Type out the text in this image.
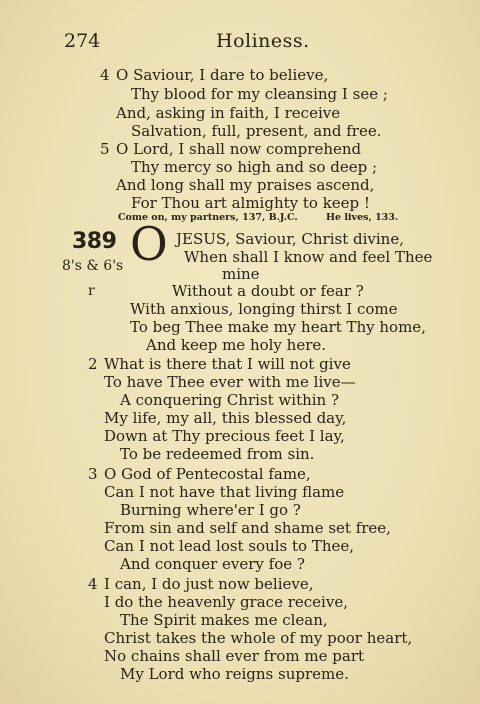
274	Holiness.
4 O Saviour, I dare to believe,
Thy blood for my cleansing I see ;
And, asking in faith, I receive
Salvation, full, present, and free.
5 O Lord, I shall now comprehend
Thy mercy so high and so deep ;
And long shall my praises ascend,
For Thou art almighty to keep !
Come on, my partners, 137, B.J.C.	He lives, 133.
389
8's & 6's O JESUS, Saviour, Christ divine,
When shall I know and feel Thee
mine
r	Without a doubt or fear ?
With anxious, longing thirst I come
To beg Thee make my heart Thy home,
And keep me holy here.
2 What is there that I will not give
To have Thee ever with me live—
A conquering Christ within ?
My life, my all, this blessed day,
Down at Thy precious feet I lay,
To be redeemed from sin.
3 O God of Pentecostal fame,
Can I not have that living flame
Burning where'er I go ?
From sin and self and shame set free,
Can I not lead lost souls to Thee,
And conquer every foe ?
4 I can, I do just now believe,
I do the heavenly grace receive,
The Spirit makes me clean,
Christ takes the whole of my poor heart,
No chains shall ever from me part
My Lord who reigns supreme.
